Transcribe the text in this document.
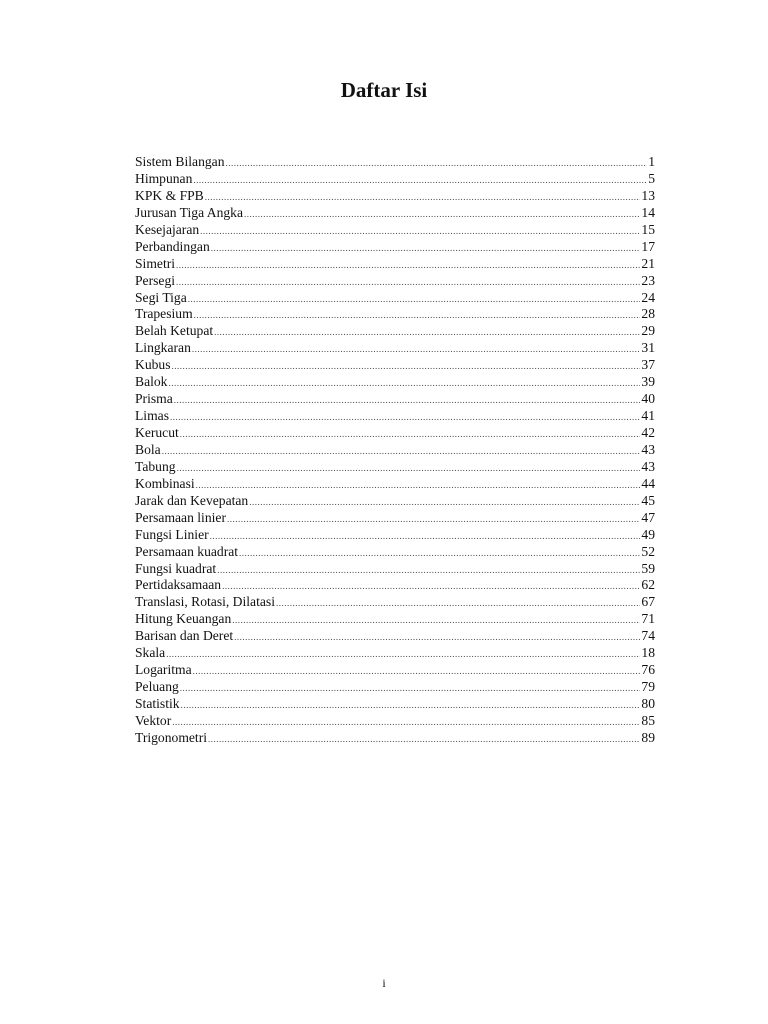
Daftar Isi
Sistem Bilangan .....	1
Himpunan .....	5
KPK & FPB .....	13
Jurusan Tiga Angka .....	14
Kesejajaran .....	15
Perbandingan .....	17
Simetri .....	21
Persegi .....	23
Segi Tiga .....	24
Trapesium .....	28
Belah Ketupat .....	29
Lingkaran .....	31
Kubus .....	37
Balok .....	39
Prisma .....	40
Limas .....	41
Kerucut .....	42
Bola .....	43
Tabung .....	43
Kombinasi .....	44
Jarak dan Kevepatan .....	45
Persamaan linier .....	47
Fungsi Linier .....	49
Persamaan kuadrat .....	52
Fungsi kuadrat .....	59
Pertidaksamaan .....	62
Translasi, Rotasi, Dilatasi .....	67
Hitung Keuangan .....	71
Barisan dan Deret .....	74
Skala .....	18
Logaritma .....	76
Peluang .....	79
Statistik .....	80
Vektor .....	85
Trigonometri .....	89
i
